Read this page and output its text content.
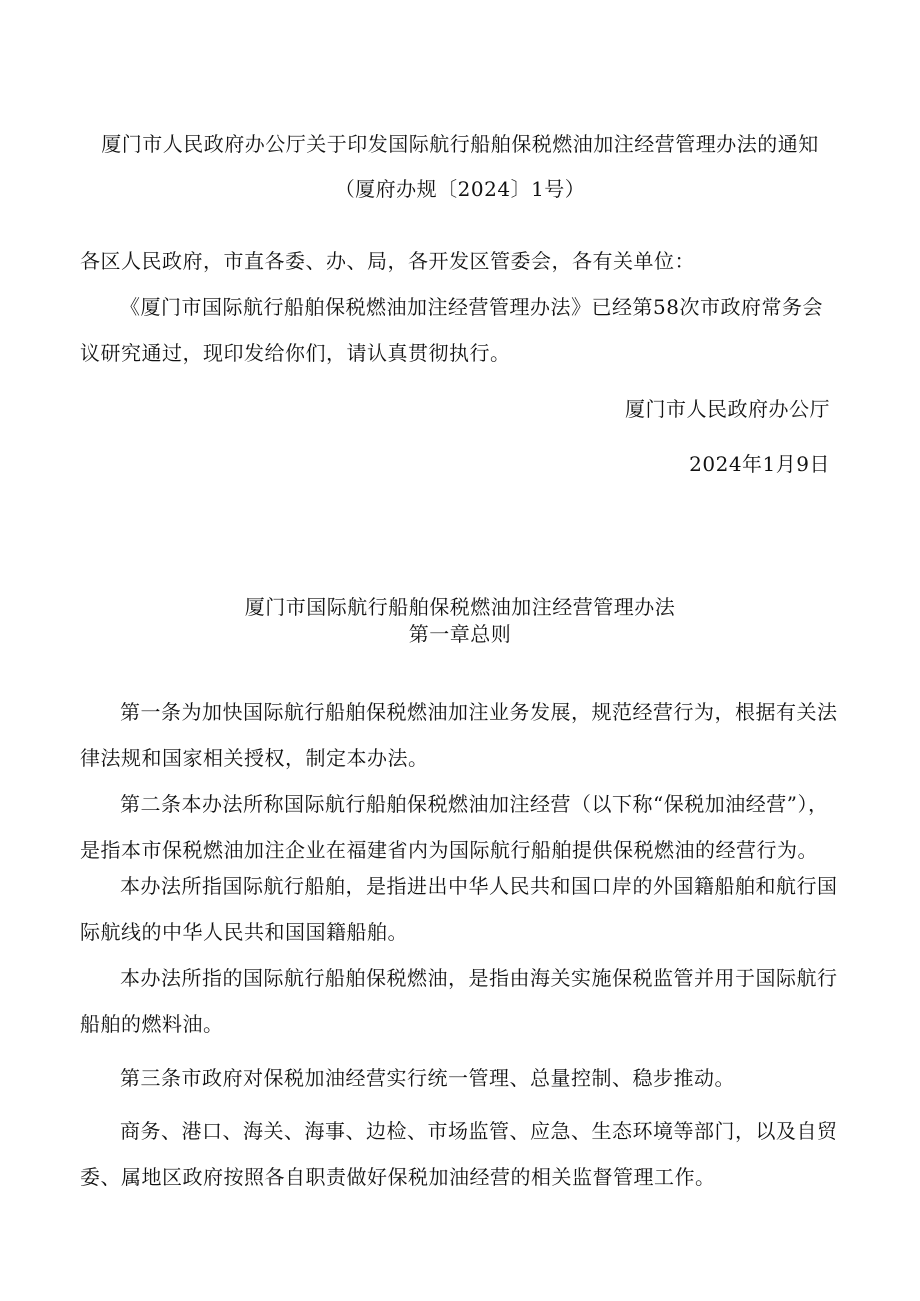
厦门市人民政府办公厅关于印发国际航行船舶保税燃油加注经营管理办法的通知

（厦府办规〔2024〕1号）

各区人民政府，市直各委、办、局，各开发区管委会，各有关单位：

《厦门市国际航行船舶保税燃油加注经营管理办法》已经第58次市政府常务会议研究通过，现印发给你们，请认真贯彻执行。

厦门市人民政府办公厅

2024年1月9日

厦门市国际航行船舶保税燃油加注经营管理办法

第一章总则

第一条为加快国际航行船舶保税燃油加注业务发展，规范经营行为，根据有关法律法规和国家相关授权，制定本办法。

第二条本办法所称国际航行船舶保税燃油加注经营（以下称“保税加油经营”），是指本市保税燃油加注企业在福建省内为国际航行船舶提供保税燃油的经营行为。

本办法所指国际航行船舶，是指进出中华人民共和国口岸的外国籍船舶和航行国际航线的中华人民共和国国籍船舶。

本办法所指的国际航行船舶保税燃油，是指由海关实施保税监管并用于国际航行船舶的燃料油。

第三条市政府对保税加油经营实行统一管理、总量控制、稳步推动。

商务、港口、海关、海事、边检、市场监管、应急、生态环境等部门，以及自贸委、属地区政府按照各自职责做好保税加油经营的相关监督管理工作。
